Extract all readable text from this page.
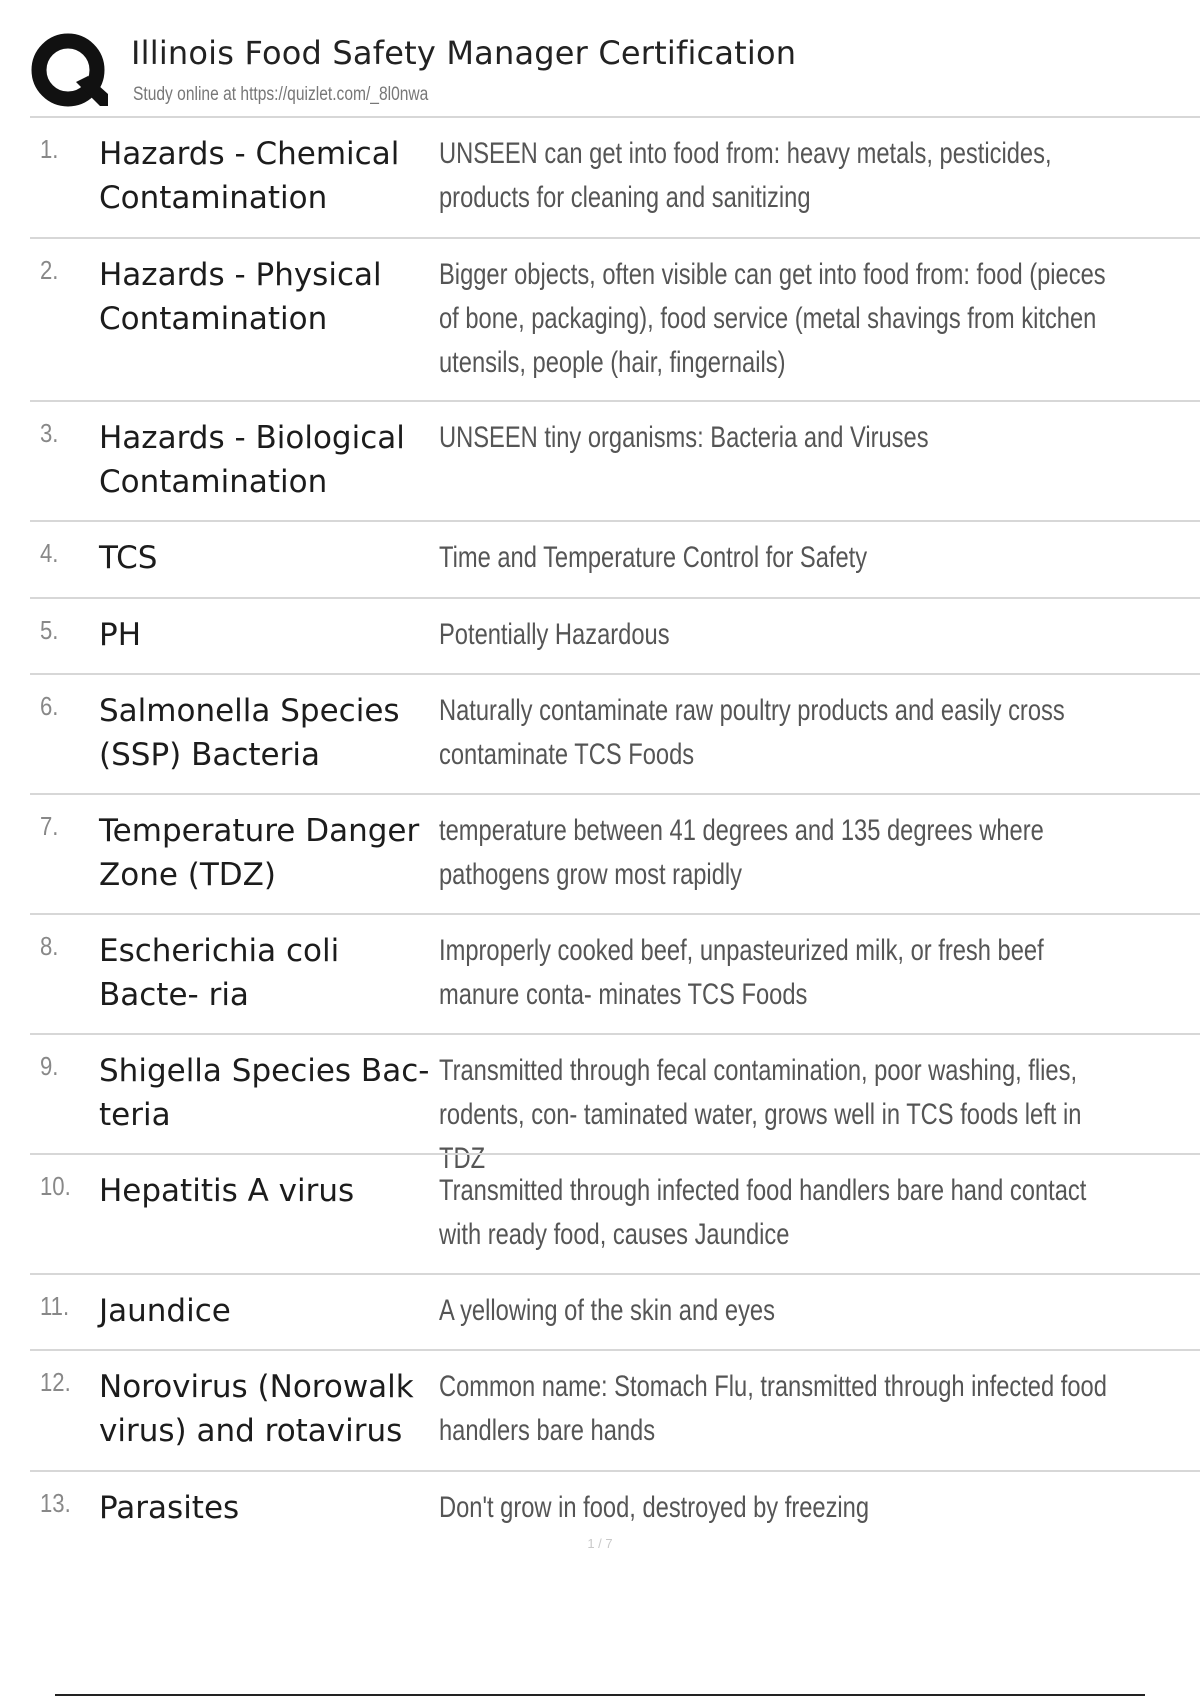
Illinois Food Safety Manager Certification
Study online at https://quizlet.com/_8l0nwa
1. Hazards - Chemical Contamination
UNSEEN can get into food from: heavy metals, pesticides, products for cleaning and sanitizing
2. Hazards - Physical Contamination
Bigger objects, often visible can get into food from: food (pieces of bone, packaging), food service (metal shavings from kitchen utensils, people (hair, fingernails)
3. Hazards - Biological Contamination
UNSEEN tiny organisms: Bacteria and Viruses
4. TCS	Time and Temperature Control for Safety
5. PH	Potentially Hazardous
6. Salmonella Species (SSP) Bacteria
Naturally contaminate raw poultry products and easily cross contaminate TCS Foods
7. Temperature Danger Zone (TDZ)
temperature between 41 degrees and 135 degrees where pathogens grow most rapidly
8. Escherichia coli Bacte- ria
Improperly cooked beef, unpasteurized milk, or fresh beef manure conta- minates TCS Foods
9. Shigella Species Bac- teria
Transmitted through fecal contamination, poor washing, flies, rodents, con- taminated water, grows well in TCS foods left in TDZ
10. Hepatitis A virus	Transmitted through infected food handlers bare hand contact with ready food, causes Jaundice
11. Jaundice	A yellowing of the skin and eyes
12. Norovirus (Norowalk virus) and rotavirus
Common name: Stomach Flu, transmitted through infected food handlers bare hands
13. Parasites	Don't grow in food, destroyed by freezing
1 / 7
